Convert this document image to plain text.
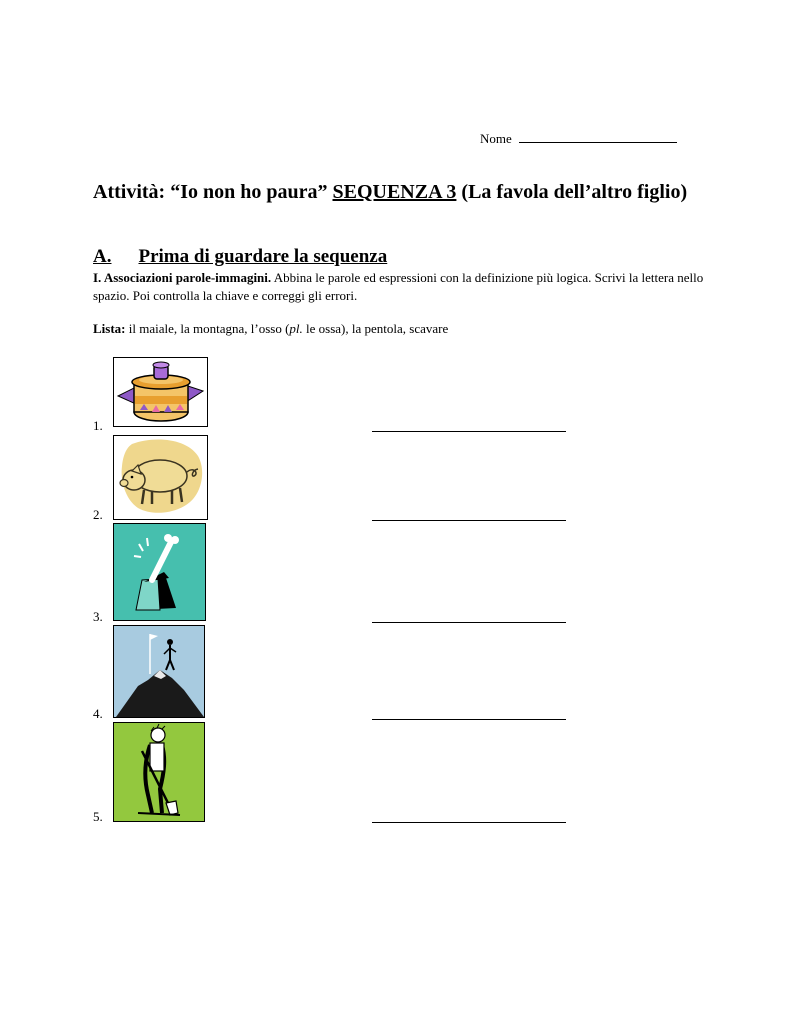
Nome
Attività: “Io non ho paura” SEQUENZA 3 (La favola dell’altro figlio)
A. Prima di guardare la sequenza
I. Associazioni parole-immagini. Abbina le parole ed espressioni con la definizione più logica. Scrivi la lettera nello spazio. Poi controlla la chiave e correggi gli errori.
Lista: il maiale, la montagna, l’osso (pl. le ossa), la pentola, scavare
1.
2.
3.
4.
5.
